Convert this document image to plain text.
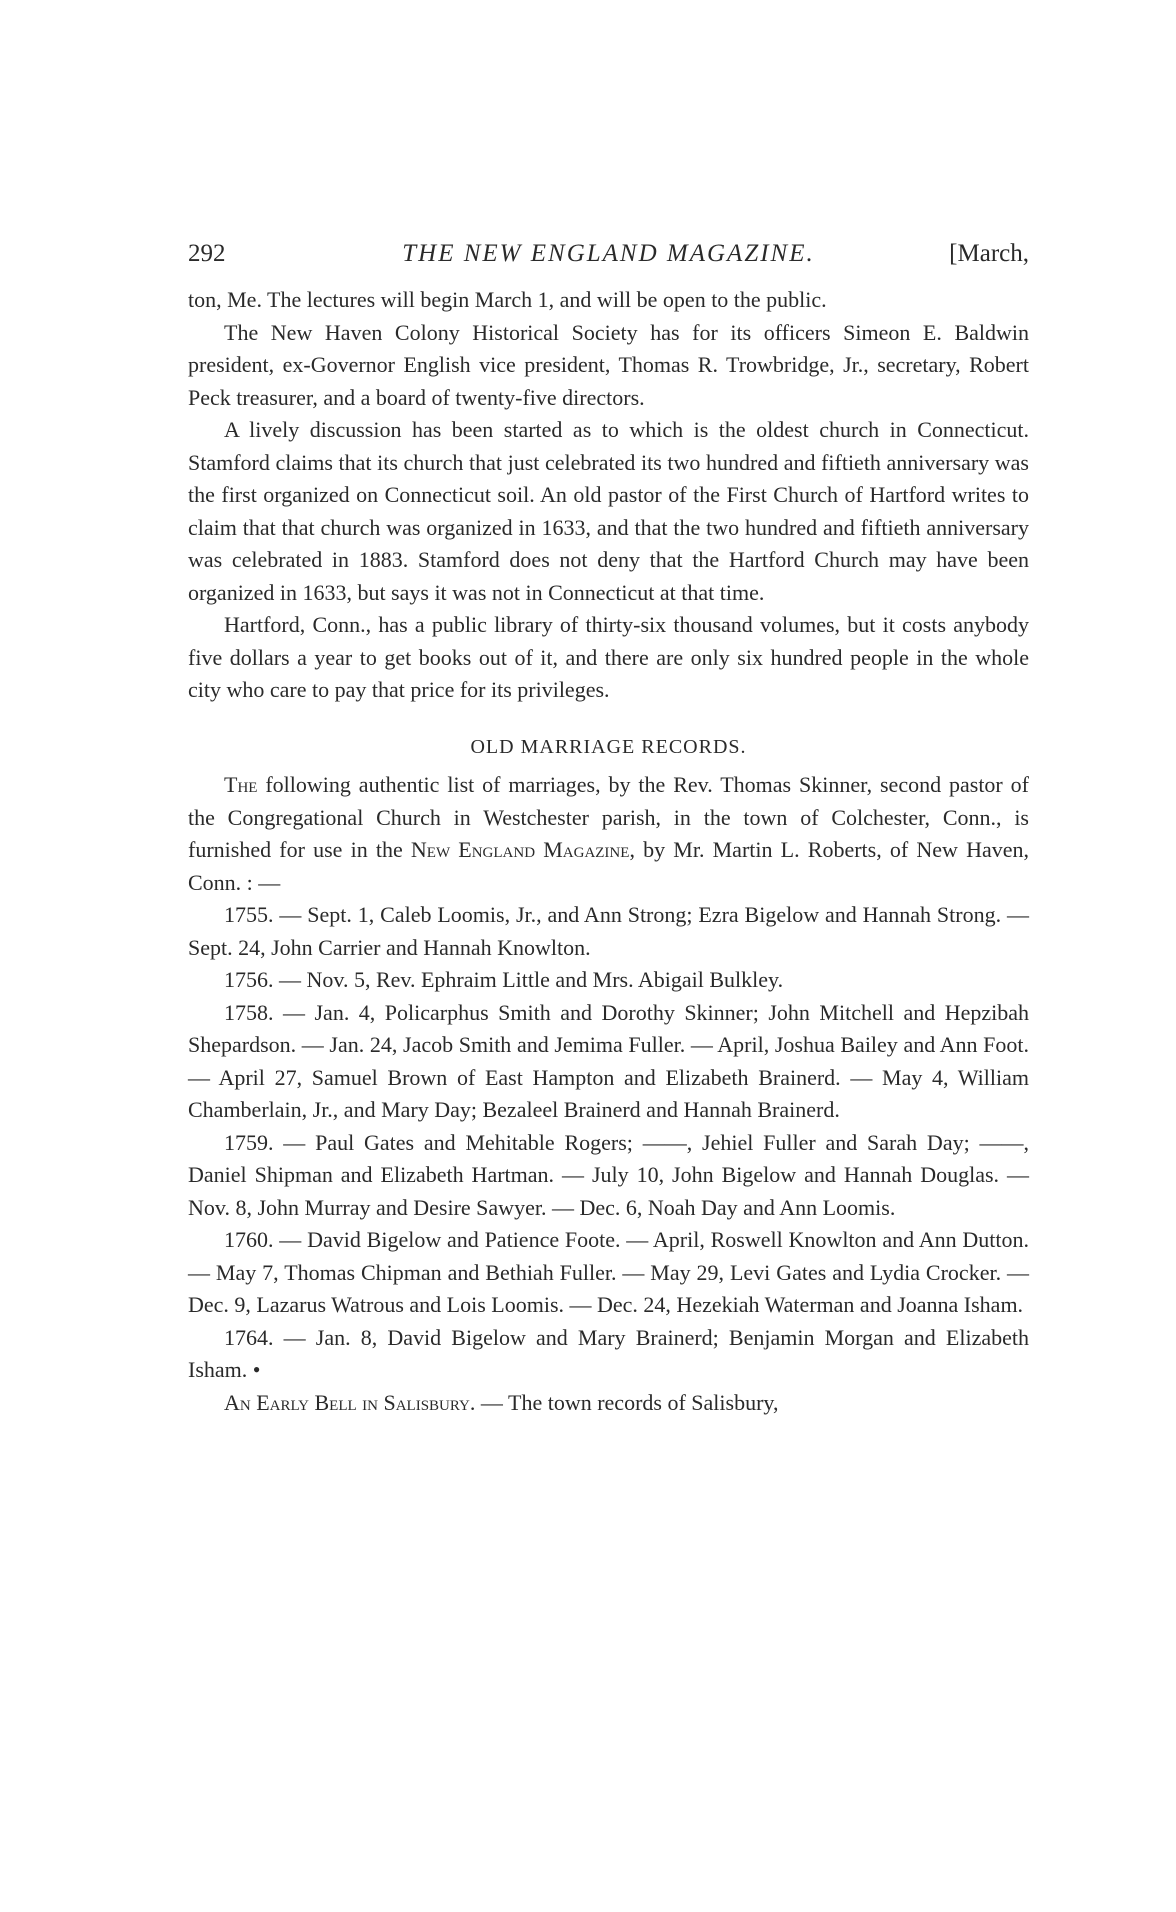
292	THE NEW ENGLAND MAGAZINE.	[March,

ton, Me. The lectures will begin March 1, and will be open to the public.

The New Haven Colony Historical Society has for its officers Simeon E. Baldwin president, ex-Governor English vice president, Thomas R. Trowbridge, Jr., secretary, Robert Peck treasurer, and a board of twenty-five directors.

A lively discussion has been started as to which is the oldest church in Connecticut. Stamford claims that its church that just celebrated its two hundred and fiftieth anniversary was the first organized on Connecticut soil. An old pastor of the First Church of Hartford writes to claim that that church was organized in 1633, and that the two hundred and fiftieth anniversary was celebrated in 1883. Stamford does not deny that the Hartford Church may have been organized in 1633, but says it was not in Connecticut at that time.

Hartford, Conn., has a public library of thirty-six thousand volumes, but it costs anybody five dollars a year to get books out of it, and there are only six hundred people in the whole city who care to pay that price for its privileges.

OLD MARRIAGE RECORDS.

The following authentic list of marriages, by the Rev. Thomas Skinner, second pastor of the Congregational Church in Westchester parish, in the town of Colchester, Conn., is furnished for use in the New England Magazine, by Mr. Martin L. Roberts, of New Haven, Conn. : —

1755. — Sept. 1, Caleb Loomis, Jr., and Ann Strong; Ezra Bigelow and Hannah Strong. — Sept. 24, John Carrier and Hannah Knowlton.

1756. — Nov. 5, Rev. Ephraim Little and Mrs. Abigail Bulkley.

1758. — Jan. 4, Policarphus Smith and Dorothy Skinner; John Mitchell and Hepzibah Shepardson. — Jan. 24, Jacob Smith and Jemima Fuller. — April, Joshua Bailey and Ann Foot. — April 27, Samuel Brown of East Hampton and Elizabeth Brainerd. — May 4, William Chamberlain, Jr., and Mary Day; Bezaleel Brainerd and Hannah Brainerd.

1759. — Paul Gates and Mehitable Rogers; ——, Jehiel Fuller and Sarah Day; ——, Daniel Shipman and Elizabeth Hartman. — July 10, John Bigelow and Hannah Douglas. — Nov. 8, John Murray and Desire Sawyer. — Dec. 6, Noah Day and Ann Loomis.

1760. — David Bigelow and Patience Foote. — April, Roswell Knowlton and Ann Dutton. — May 7, Thomas Chipman and Bethiah Fuller. — May 29, Levi Gates and Lydia Crocker. — Dec. 9, Lazarus Watrous and Lois Loomis. — Dec. 24, Hezekiah Waterman and Joanna Isham.

1764. — Jan. 8, David Bigelow and Mary Brainerd; Benjamin Morgan and Elizabeth Isham. •

An Early Bell in Salisbury. — The town records of Salisbury,
